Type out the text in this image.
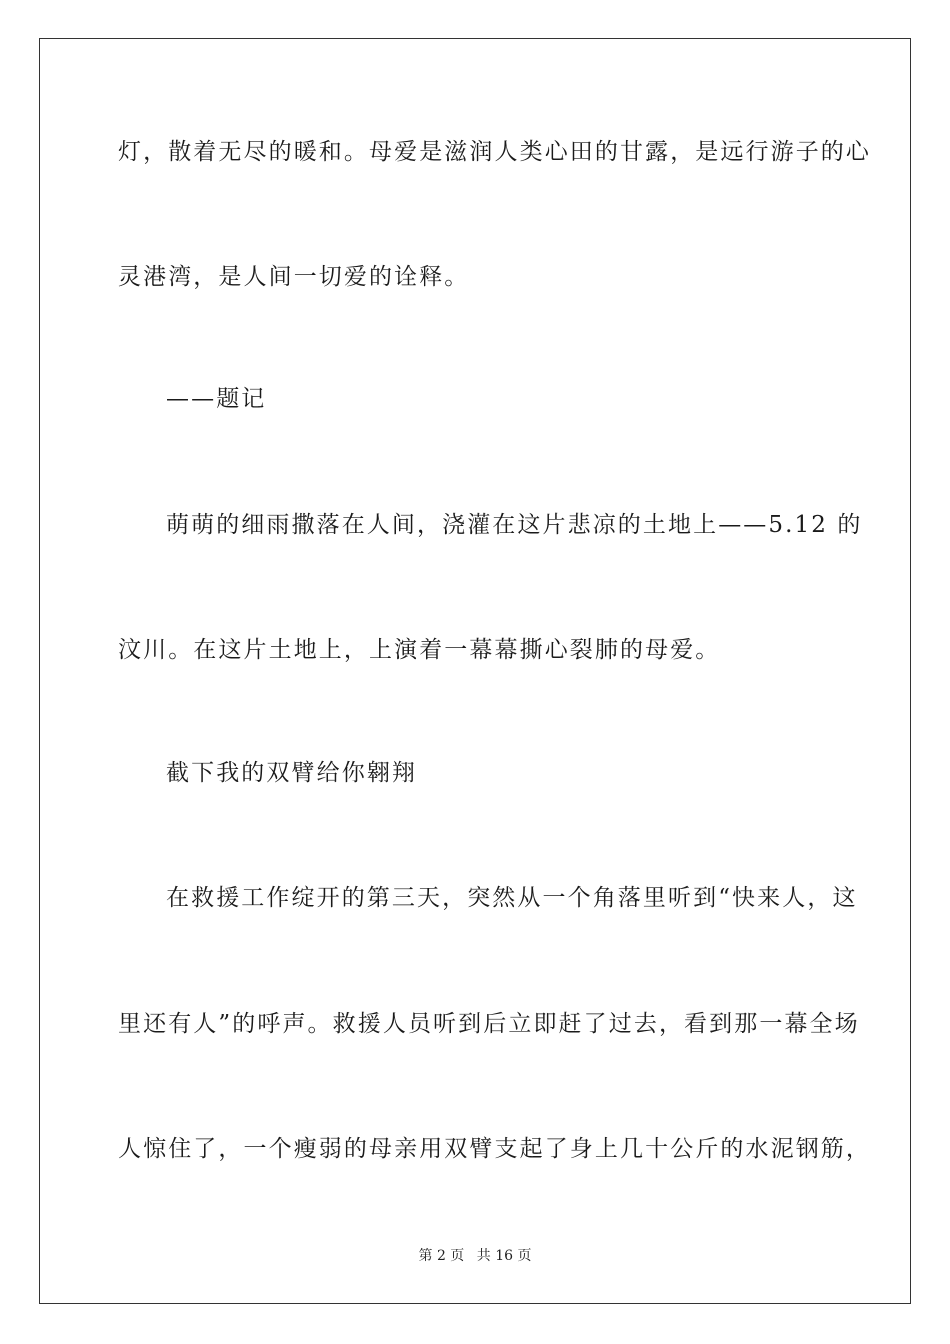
灯，散着无尽的暖和。母爱是滋润人类心田的甘露，是远行游子的心
灵港湾，是人间一切爱的诠释。
——题记
萌萌的细雨撒落在人间，浇灌在这片悲凉的土地上——5.12 的
汶川。在这片土地上，上演着一幕幕撕心裂肺的母爱。
截下我的双臂给你翱翔
在救援工作绽开的第三天，突然从一个角落里听到“快来人，这
里还有人”的呼声。救援人员听到后立即赶了过去，看到那一幕全场
人惊住了，一个瘦弱的母亲用双臂支起了身上几十公斤的水泥钢筋，
第 2 页 共 16 页
